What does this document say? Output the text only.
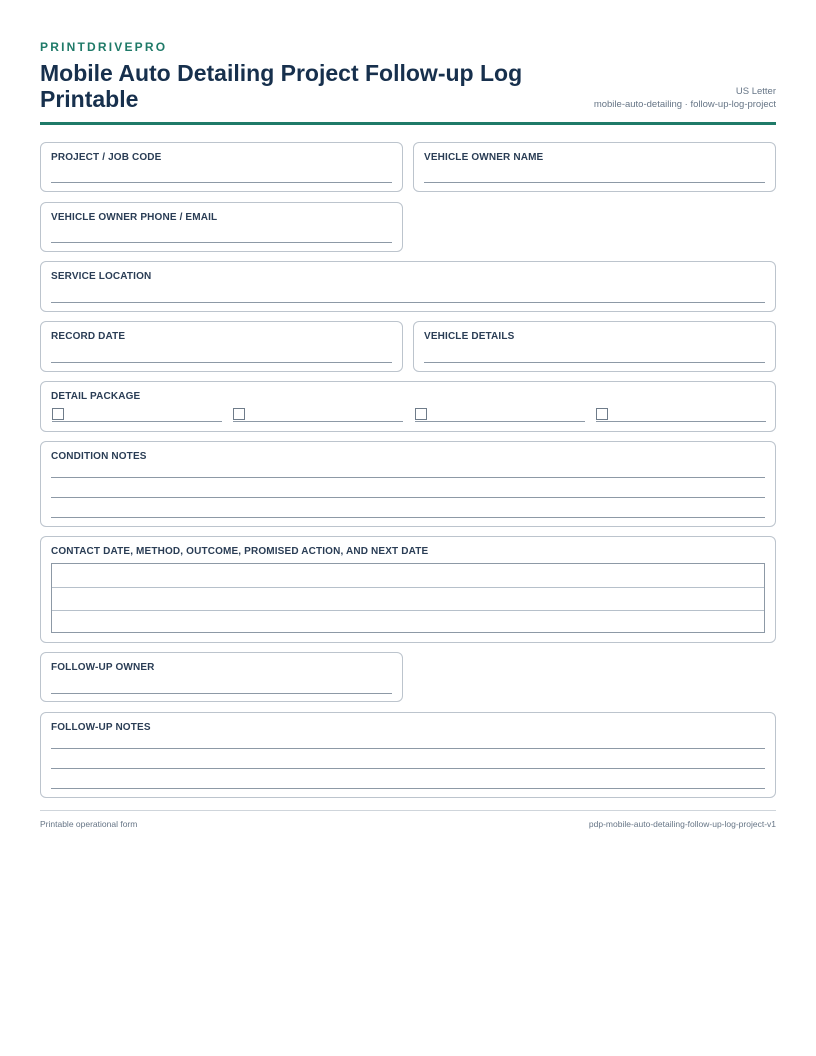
PRINTDRIVEPRO
Mobile Auto Detailing Project Follow-up Log Printable	US Letter
mobile-auto-detailing · follow-up-log-project
PROJECT / JOB CODE	VEHICLE OWNER NAME
VEHICLE OWNER PHONE / EMAIL
SERVICE LOCATION
RECORD DATE	VEHICLE DETAILS
DETAIL PACKAGE
CONDITION NOTES
CONTACT DATE, METHOD, OUTCOME, PROMISED ACTION, AND NEXT DATE
FOLLOW-UP OWNER
FOLLOW-UP NOTES
Printable operational form	pdp-mobile-auto-detailing-follow-up-log-project-v1
